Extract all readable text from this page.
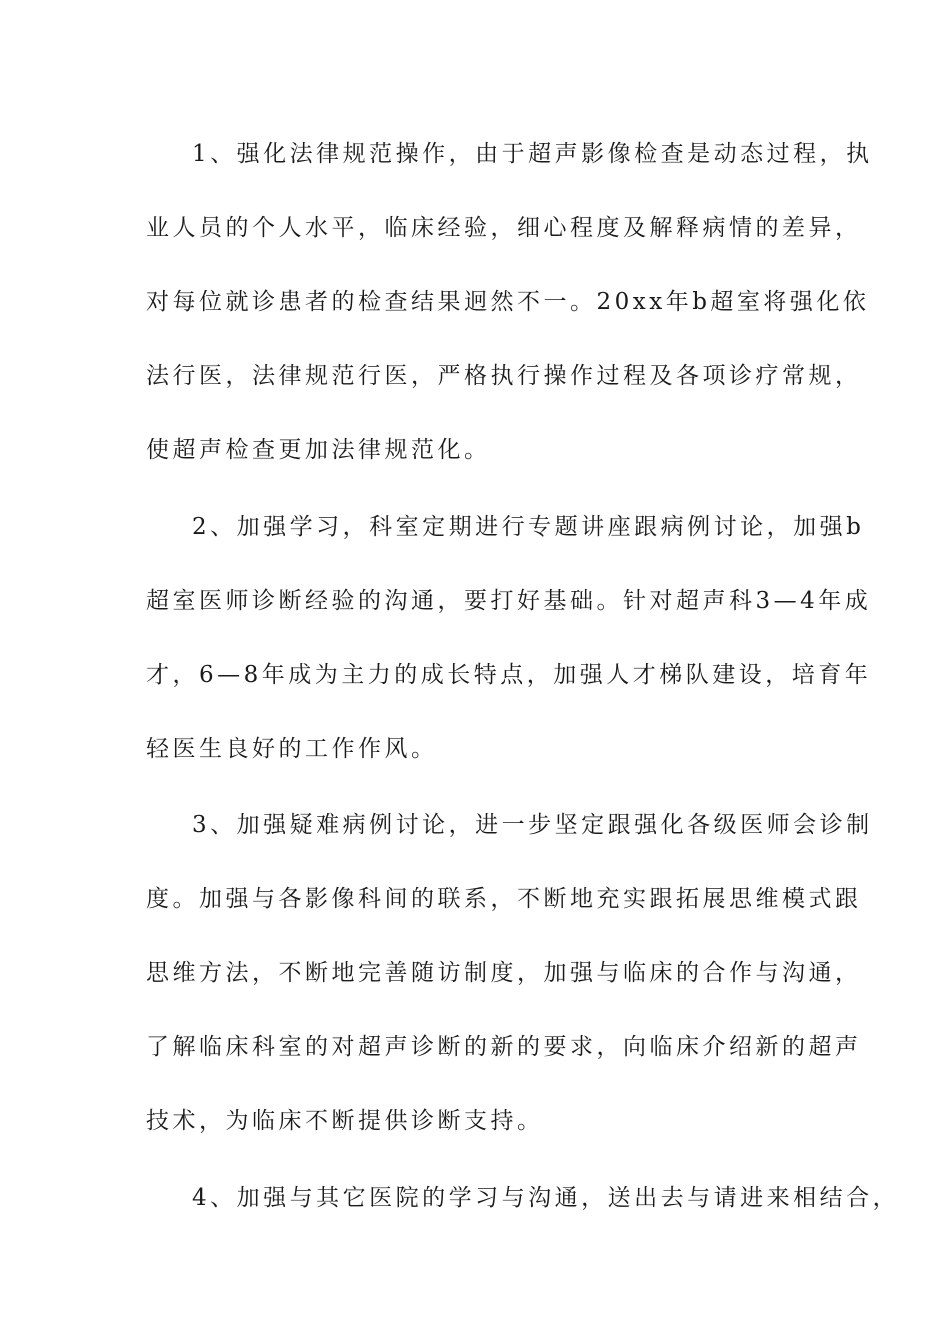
1、强化法律规范操作，由于超声影像检查是动态过程，执
业人员的个人水平，临床经验，细心程度及解释病情的差异，
对每位就诊患者的检查结果迥然不一。20xx年b超室将强化依
法行医，法律规范行医，严格执行操作过程及各项诊疗常规，
使超声检查更加法律规范化。
2、加强学习，科室定期进行专题讲座跟病例讨论，加强b
超室医师诊断经验的沟通，要打好基础。针对超声科3—4年成
才，6—8年成为主力的成长特点，加强人才梯队建设，培育年
轻医生良好的工作作风。
3、加强疑难病例讨论，进一步坚定跟强化各级医师会诊制
度。加强与各影像科间的联系，不断地充实跟拓展思维模式跟
思维方法，不断地完善随访制度，加强与临床的合作与沟通，
了解临床科室的对超声诊断的新的要求，向临床介绍新的超声
技术，为临床不断提供诊断支持。
4、加强与其它医院的学习与沟通，送出去与请进来相结合，
